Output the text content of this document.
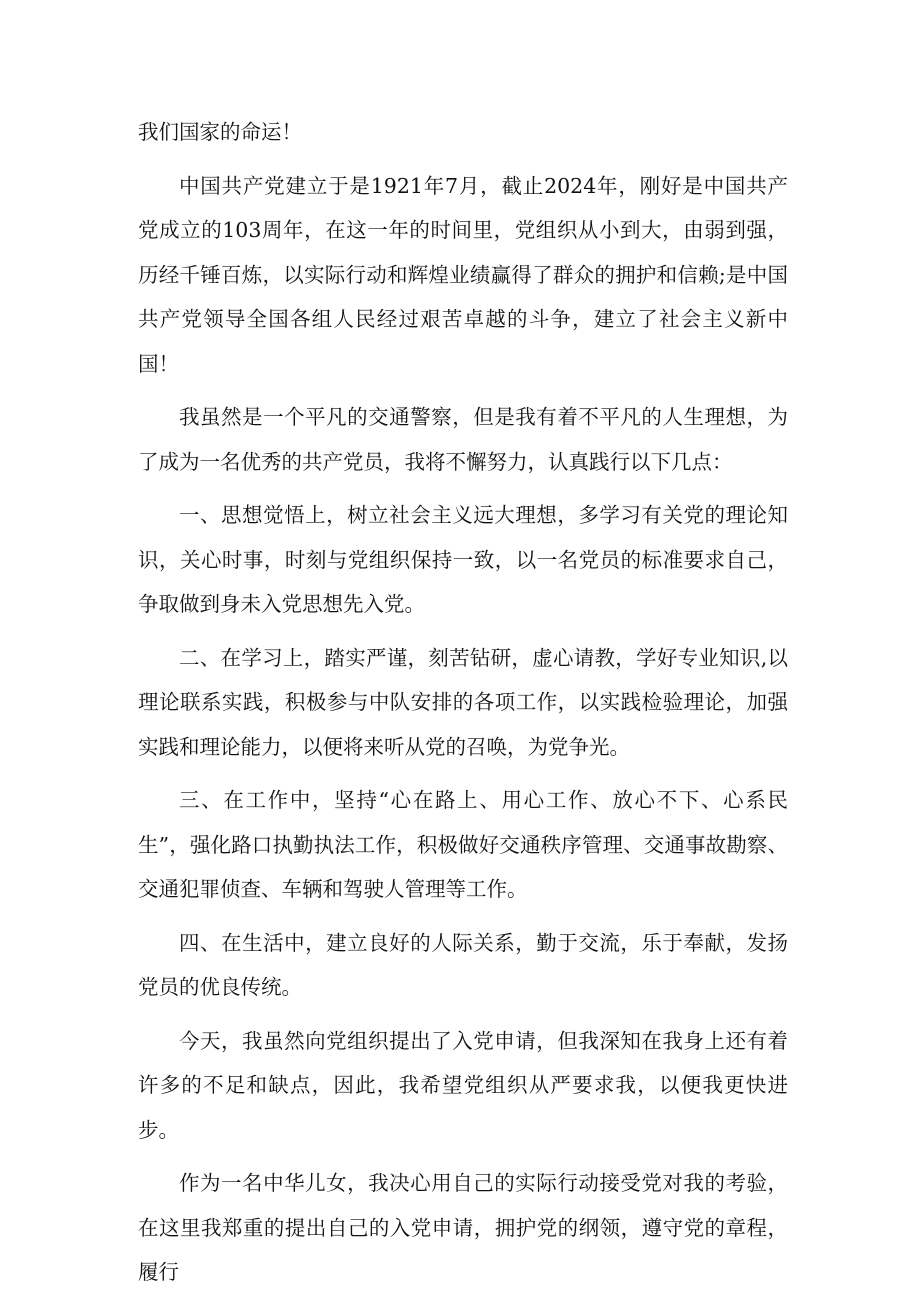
我们国家的命运！

中国共产党建立于是1921年7月，截止2024年，刚好是中国共产党成立的103周年，在这一年的时间里，党组织从小到大，由弱到强，历经千锤百炼，以实际行动和辉煌业绩赢得了群众的拥护和信赖;是中国共产党领导全国各组人民经过艰苦卓越的斗争，建立了社会主义新中国！

我虽然是一个平凡的交通警察，但是我有着不平凡的人生理想，为了成为一名优秀的共产党员，我将不懈努力，认真践行以下几点：

一、思想觉悟上，树立社会主义远大理想，多学习有关党的理论知识，关心时事，时刻与党组织保持一致，以一名党员的标准要求自己，争取做到身未入党思想先入党。

二、在学习上，踏实严谨，刻苦钻研，虚心请教，学好专业知识,以理论联系实践，积极参与中队安排的各项工作，以实践检验理论，加强实践和理论能力，以便将来听从党的召唤，为党争光。

三、在工作中，坚持“心在路上、用心工作、放心不下、心系民生”，强化路口执勤执法工作，积极做好交通秩序管理、交通事故勘察、交通犯罪侦查、车辆和驾驶人管理等工作。

四、在生活中，建立良好的人际关系，勤于交流，乐于奉献，发扬党员的优良传统。

今天，我虽然向党组织提出了入党申请，但我深知在我身上还有着许多的不足和缺点，因此，我希望党组织从严要求我，以便我更快进步。

作为一名中华儿女，我决心用自己的实际行动接受党对我的考验，在这里我郑重的提出自己的入党申请，拥护党的纲领，遵守党的章程，履行
